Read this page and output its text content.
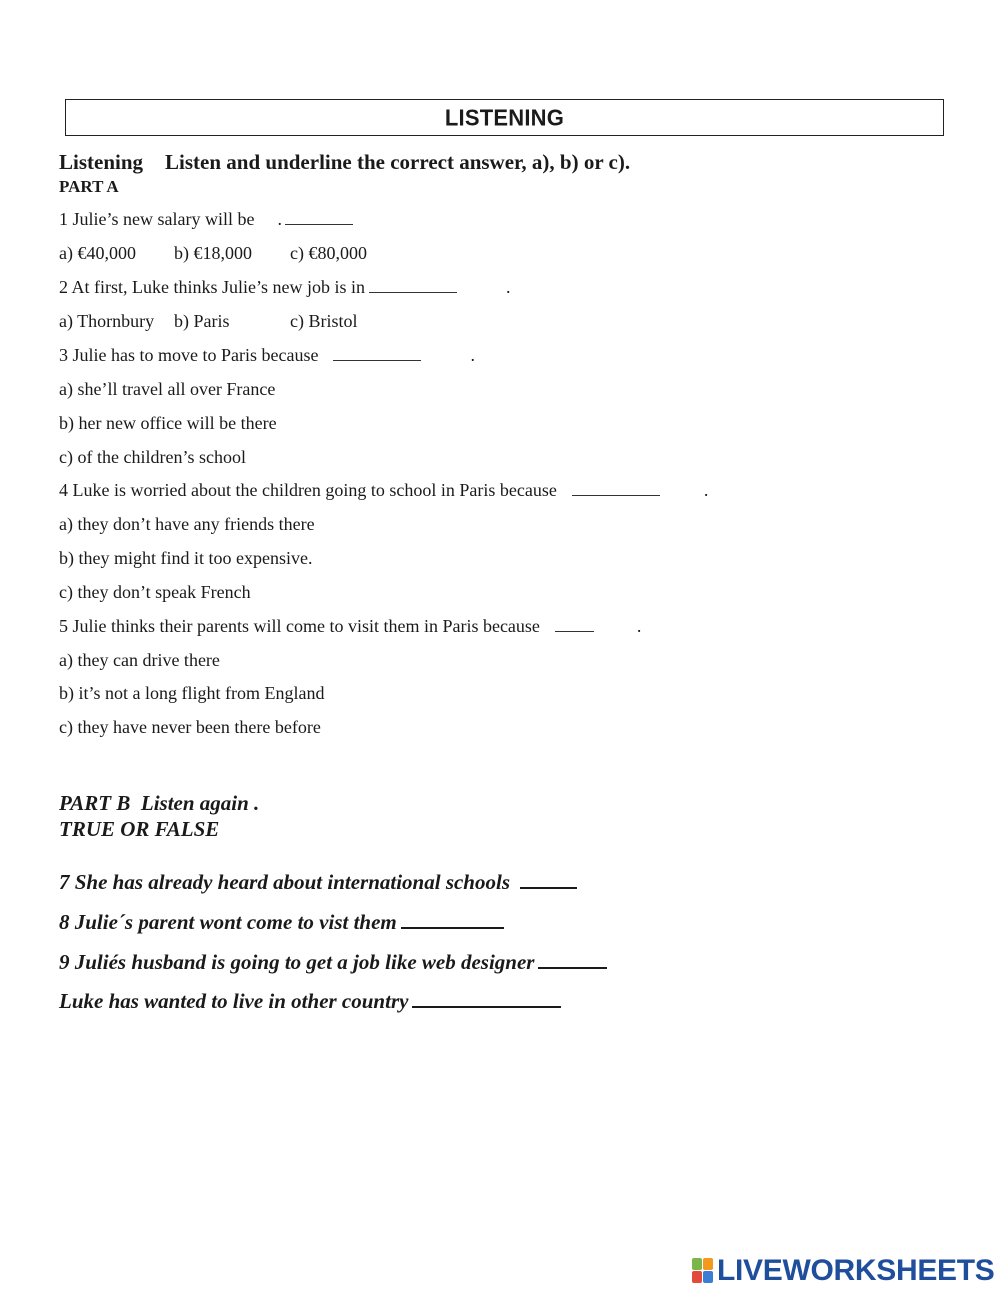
LISTENING
Listening Listen and underline the correct answer, a), b) or c).
PART A
1 Julie’s new salary will be .
a) €40,000 b) €18,000 c) €80,000
2 At first, Luke thinks Julie’s new job is in	.
a) Thornbury b) Paris	c) Bristol
3 Julie has to move to Paris because	.
a) she’ll travel all over France
b) her new office will be there
c) of the children’s school
4 Luke is worried about the children going to school in Paris because	.
a) they don’t have any friends there
b) they might find it too expensive.
c) they don’t speak French
5 Julie thinks their parents will come to visit them in Paris because	.
a) they can drive there
b) it’s not a long flight from England
c) they have never been there before
PART B  Listen again .
TRUE OR FALSE
7 She has already heard about international schools
8 Julie´s parent wont come to vist them
9 Juliés husband is going to get a job like web designer
Luke has wanted to live in other country
LIVEWORKSHEETS
